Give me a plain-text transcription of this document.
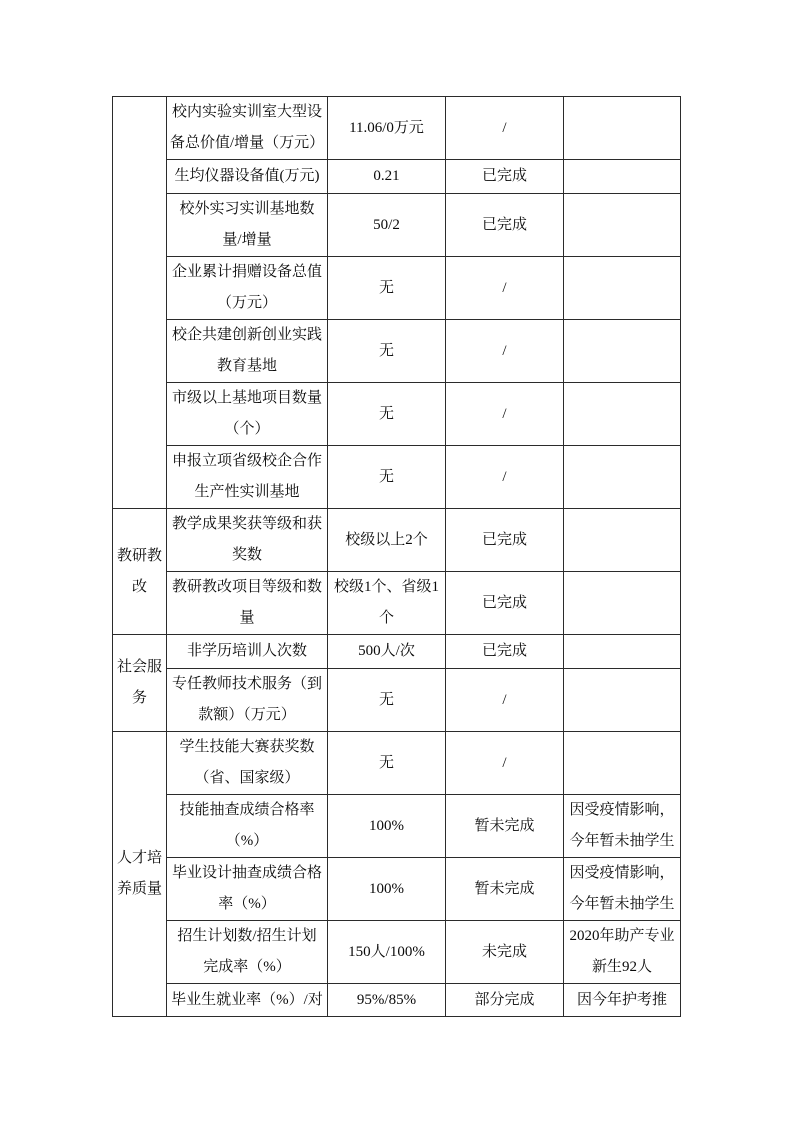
	校内实验实训室大型设备总价值/增量（万元）	11.06/0万元	/	
	生均仪器设备值(万元)	0.21	已完成	
	校外实习实训基地数量/增量	50/2	已完成	
	企业累计捐赠设备总值（万元）	无	/	
	校企共建创新创业实践教育基地	无	/	
	市级以上基地项目数量（个）	无	/	
	申报立项省级校企合作生产性实训基地	无	/	
教研教改	教学成果奖获等级和获奖数	校级以上2个	已完成	
	教研教改项目等级和数量	校级1个、省级1个	已完成	
社会服务	非学历培训人次数	500人/次	已完成	
	专任教师技术服务（到款额）（万元）	无	/	
人才培养质量	学生技能大赛获奖数（省、国家级）	无	/	
	技能抽查成绩合格率（%）	100%	暂未完成	因受疫情影响，今年暂未抽学生
	毕业设计抽查成绩合格率（%）	100%	暂未完成	因受疫情影响，今年暂未抽学生
	招生计划数/招生计划完成率（%）	150人/100%	未完成	2020年助产专业新生92人
	毕业生就业率（%）/对	95%/85%	部分完成	因今年护考推
